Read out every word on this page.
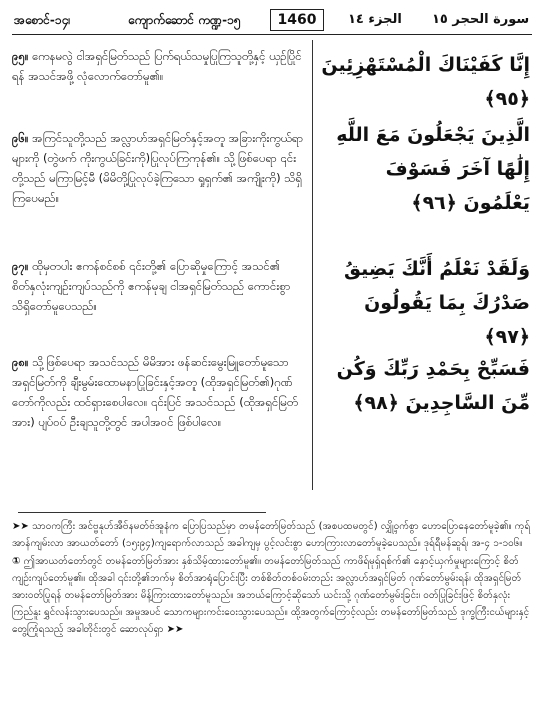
အစောင်-၁၄၊	ကျောက်ဆောင် ကဏ္ဍ-၁၅	1460	الجزء ١٤ سورة الحجر ١٥
၉၅။ ကေနမလွဲ ငါအရှင်မြတ်သည် ပြက်ရယ်သမှုပြုကြသူတို့နှင့် ယှဉ်ပြိုင်ရန် အသင်အဖို့ လုံလောက်တော်မူ၏။	إِنَّا كَفَيْنَاكَ الْمُسْتَهْزِئِينَ ﴿٩٥﴾
၉၆။ အကြင်သူတို့သည် အလ္လာဟ်အရှင်မြတ်နှင့်အတူ အခြားကိုးကွယ်ရာများကို (တွဲဖက် ကိုးကွယ်ခြင်းကို)ပြုလုပ်ကြကုန်၏။ သို့ဖြစ်ပေရာ ၎င်းတို့သည် မကြာမြင့်မီ (မိမိတို့ပြုလုပ်ခဲ့ကြသော ရှုရှက်၏ အကျိုးကို) သိရှိကြပေမည်။
الَّذِينَ يَجْعَلُونَ مَعَ اللَّهِ إِلَٰهًا آخَرَ فَسَوْفَ يَعْلَمُونَ ﴿٩٦﴾
၉၇။ ထိုမှတပါး ဧကန်စင်စစ် ၎င်းတို့၏ ပြောဆိုမှုကြောင့် အသင်၏ စိတ်နှလုံးကျဉ်းကျပ်သည်ကို ဧကန်မုချ ငါအရှင်မြတ်သည် ကောင်းစွာ သိရှိတော်မူပေသည်။
وَلَقَدْ نَعْلَمُ أَنَّكَ يَضِيقُ صَدْرُكَ بِمَا يَقُولُونَ ﴿٩٧﴾
၉၈။ သို့ဖြစ်ပေရာ အသင်သည် မိမိအား ဖန်ဆင်းမွေးမြူတော်မူသော အရှင်မြတ်ကို ချီးမွမ်းထောမနာပြုခြင်းနှင့်အတူ (ထိုအရှင်မြတ်၏)ဂုဏ်တော်ကိုလည်း ထင်ရှားစေပါလေ။ ၎င်းပြင် အသင်သည် (ထိုအရှင်မြတ်အား) ပျပ်ဝပ် ဦးချသူတို့တွင် အပါအဝင် ဖြစ်ပါလေ။
فَسَبِّحْ بِحَمْدِ رَبِّكَ وَكُن مِّنَ السَّاجِدِينَ ﴿٩٨﴾

➤➤ သာဝကကြီး အင်ဗ္ဗနုဟ်အီဗ်နမတ်ဗ်အူနံက ပြောပြသည်မှာ တမန်တော်မြတ်သည် (အစပထမတွင်) လျှို့ဝှက်စွာ ဟောပြောနေတော်မူခဲ့၏။ ကုရ်အာန်ကျမ်းလာ အာယတ်တော် (၁၅း၉၄)ကျရောက်လာသည် အခါကျမှ ပွင့်လင်းစွာ ဟောကြားလာတော်မူခဲ့ပေသည်။ ဒုရ်ရီမန်ဆူရ်၊ အ-၄ ၁-၁၀၆။

① ဤအာယတ်တော်တွင် တမန်တော်မြတ်အား နှစ်သိမ့်ထားတော်မူ၏။ တမန်တော်မြတ်သည် ကာဖိရ်မုရှ်ရစ်က်၏ နှောင့်ယှက်မှုများကြောင့် စိတ်ကျဉ်းကျပ်တော်မူ၏။ ထိုအခါ ၎င်းတို့၏ဘက်မှ စိတ်အာရုံပြောင်းပြီး တစ်စိတ်တစ်ဝမ်းတည်း အလ္လာဟ်အရှင်မြတ် ဂုဏ်တော်မွမ်းရန်၊ ထိုအရှင်မြတ်အားဝတ်ပြုရန် တမန်တော်မြတ်အား မိန့်ကြားထားတော်မူသည်။ အဘယ်ကြောင့်ဆိုသော် ယင်းသို့ ဂုဏ်တော်မွမ်းခြင်း၊ ဝတ်ပြုခြင်းဖြင့် စိတ်နှလုံး ကြည်နူး ရွှင်လန်းသွားပေသည်။ အမှုအပင် သောကများကင်းဝေးသွားပေသည်။ ထို့အတွက်ကြောင့်လည်း တမန်တော်မြတ်သည် ဒုက္ခကြီးငယ်များနှင့် တွေ့ကြုံရသည့် အခါတိုင်းတွင် ဆောလုပ်ရှာ ➤➤
